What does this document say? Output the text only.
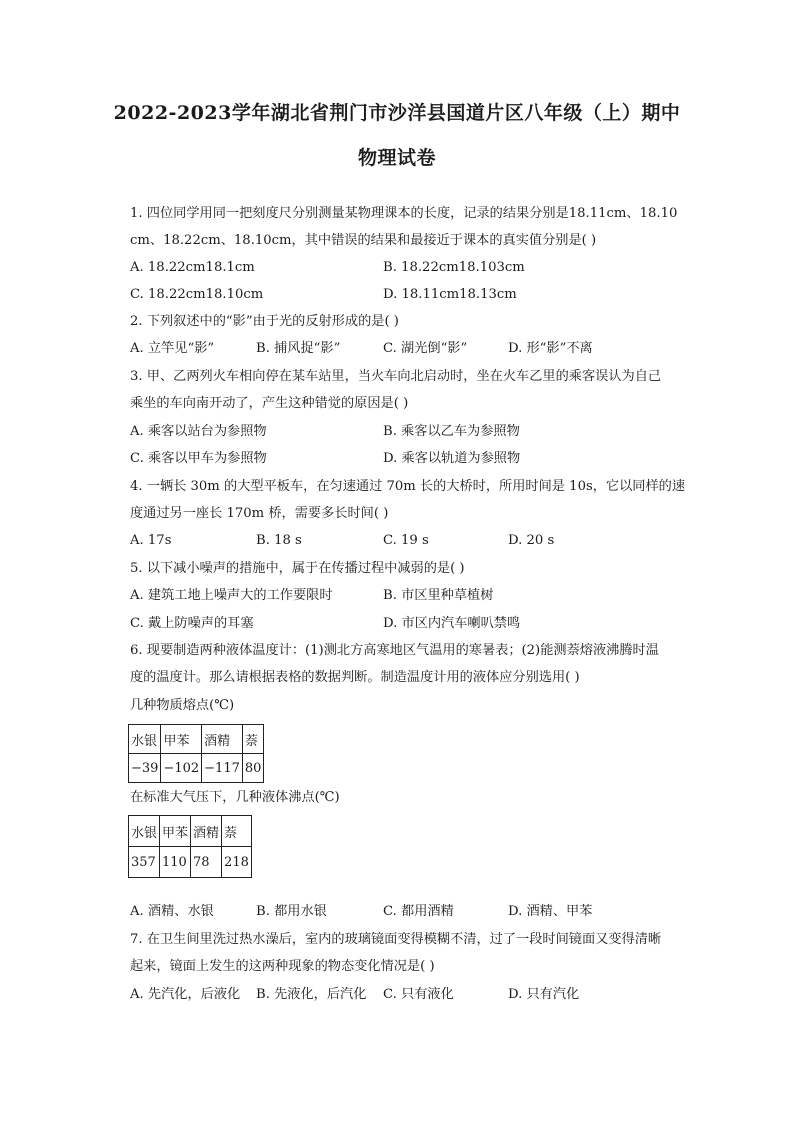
2022-2023学年湖北省荆门市沙洋县国道片区八年级（上）期中
物理试卷
1. 四位同学用同一把刻度尺分别测量某物理课本的长度，记录的结果分别是18.11cm、18.10
cm、18.22cm、18.10cm，其中错误的结果和最接近于课本的真实值分别是( )
A. 18.22cm18.1cm	B. 18.22cm18.103cm
C. 18.22cm18.10cm	D. 18.11cm18.13cm
2. 下列叙述中的“影”由于光的反射形成的是( )
A. 立竿见“影”	B. 捕风捉“影”	C. 湖光倒“影”	D. 形“影”不离
3. 甲、乙两列火车相向停在某车站里，当火车向北启动时，坐在火车乙里的乘客误认为自己
乘坐的车向南开动了，产生这种错觉的原因是( )
A. 乘客以站台为参照物	B. 乘客以乙车为参照物
C. 乘客以甲车为参照物	D. 乘客以轨道为参照物
4. 一辆长 30m 的大型平板车，在匀速通过 70m 长的大桥时，所用时间是 10s，它以同样的速
度通过另一座长 170m 桥，需要多长时间( )
A. 17s	B. 18 s	C. 19 s	D. 20 s
5. 以下减小噪声的措施中，属于在传播过程中减弱的是( )
A. 建筑工地上噪声大的工作要限时	B. 市区里种草植树
C. 戴上防噪声的耳塞	D. 市区内汽车喇叭禁鸣
6. 现要制造两种液体温度计：(1)测北方高寒地区气温用的寒暑表；(2)能测萘熔液沸腾时温
度的温度计。那么请根据表格的数据判断。制造温度计用的液体应分别选用( )
几种物质熔点(℃)
水银	甲苯	酒精	萘
−39	−102	−117	80
在标准大气压下，几种液体沸点(℃)
水银	甲苯	酒精	萘
357	110	78	218
A. 酒精、水银	B. 都用水银	C. 都用酒精	D. 酒精、甲苯
7. 在卫生间里洗过热水澡后，室内的玻璃镜面变得模糊不清，过了一段时间镜面又变得清晰
起来，镜面上发生的这两种现象的物态变化情况是( )
A. 先汽化，后液化 B. 先液化，后汽化 C. 只有液化	D. 只有汽化
